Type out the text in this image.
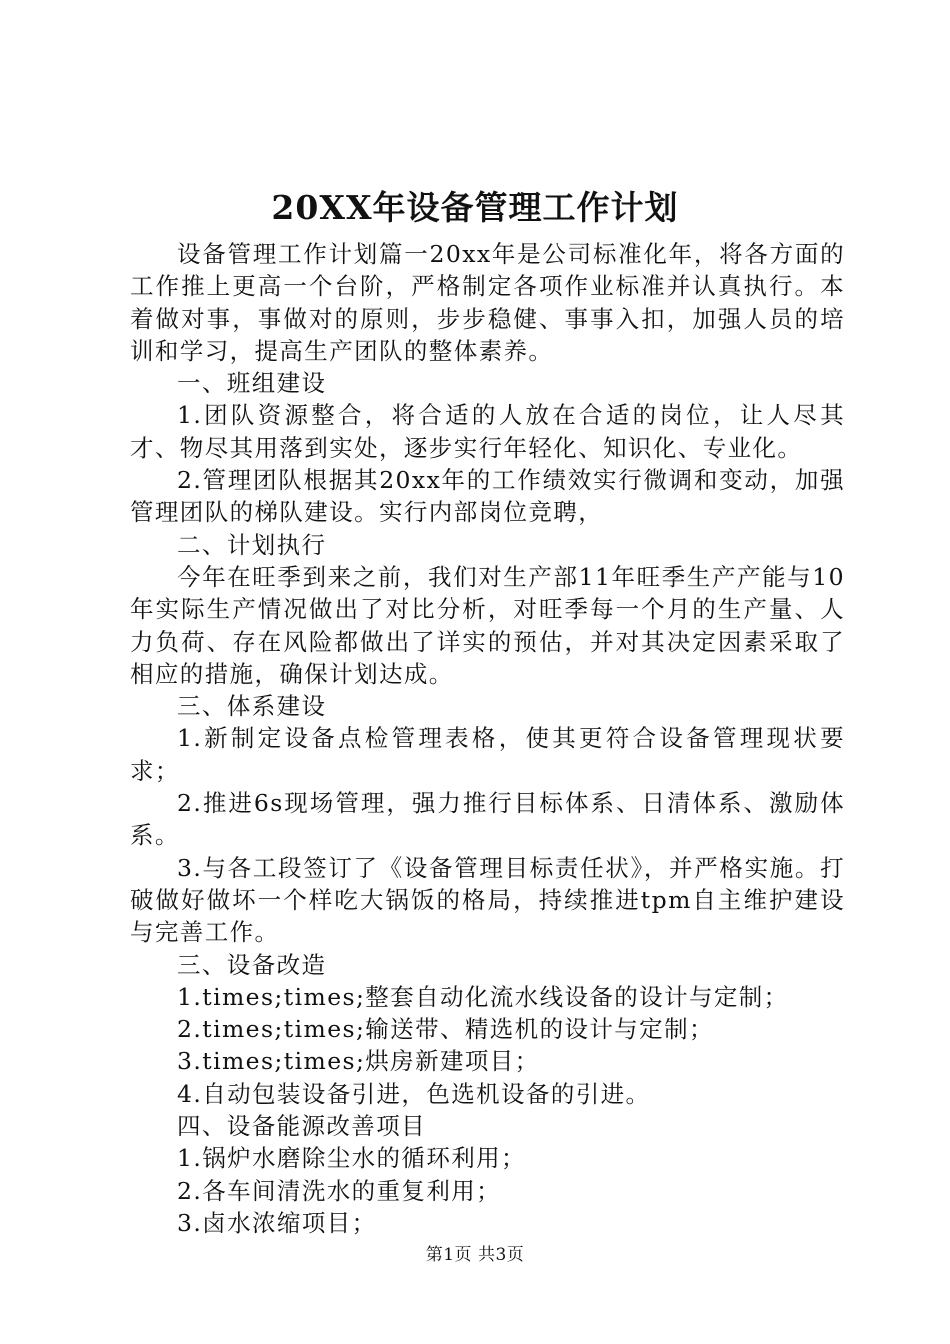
20XX年设备管理工作计划

设备管理工作计划篇一20xx年是公司标准化年，将各方面的工作推上更高一个台阶，严格制定各项作业标准并认真执行。本着做对事，事做对的原则，步步稳健、事事入扣，加强人员的培训和学习，提高生产团队的整体素养。

一、班组建设

1.团队资源整合，将合适的人放在合适的岗位，让人尽其才、物尽其用落到实处，逐步实行年轻化、知识化、专业化。

2.管理团队根据其20xx年的工作绩效实行微调和变动，加强管理团队的梯队建设。实行内部岗位竞聘，

二、计划执行

今年在旺季到来之前，我们对生产部11年旺季生产产能与10年实际生产情况做出了对比分析，对旺季每一个月的生产量、人力负荷、存在风险都做出了详实的预估，并对其决定因素采取了相应的措施，确保计划达成。

三、体系建设

1.新制定设备点检管理表格，使其更符合设备管理现状要求；

2.推进6s现场管理，强力推行目标体系、日清体系、激励体系。

3.与各工段签订了《设备管理目标责任状》，并严格实施。打破做好做坏一个样吃大锅饭的格局，持续推进tpm自主维护建设与完善工作。

三、设备改造

1.times;times;整套自动化流水线设备的设计与定制；

2.times;times;输送带、精选机的设计与定制；

3.times;times;烘房新建项目；

4.自动包装设备引进，色选机设备的引进。

四、设备能源改善项目

1.锅炉水磨除尘水的循环利用；

2.各车间清洗水的重复利用；

3.卤水浓缩项目；

第1页 共3页
